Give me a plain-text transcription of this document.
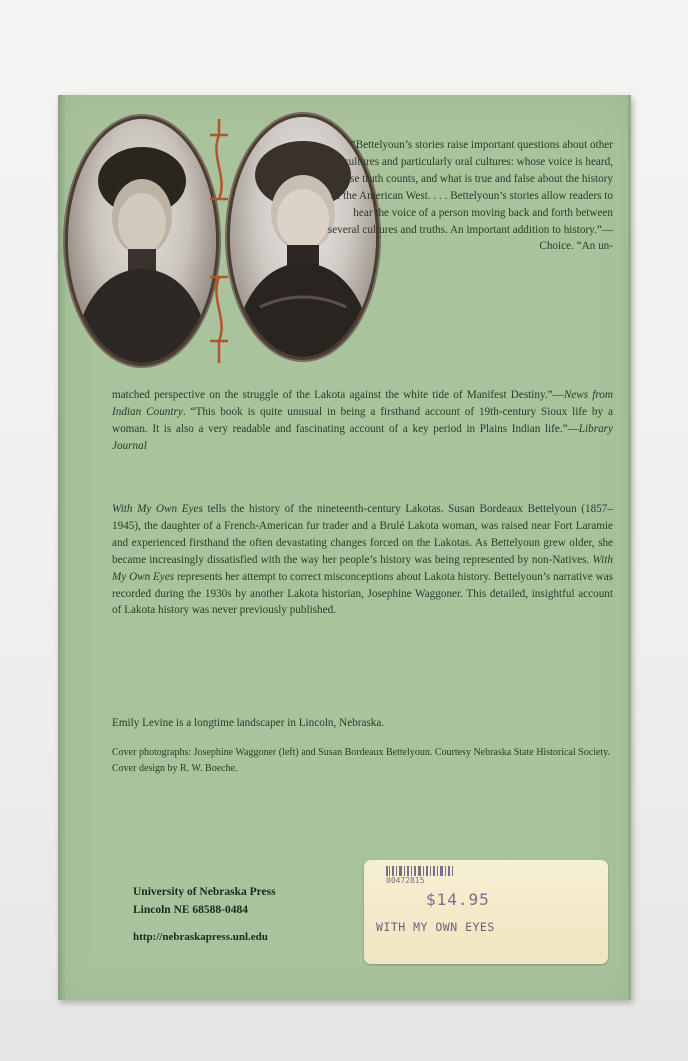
“Bettelyoun’s stories raise important questions about other cultures and particularly oral cultures: whose voice is heard, whose truth counts, and what is true and false about the history of the American West. . . . Bettelyoun’s stories allow readers to hear the voice of a person moving back and forth between several cultures and truths. An important addition to history.”—Choice. “An un-
matched perspective on the struggle of the Lakota against the white tide of Manifest Destiny.”—News from Indian Country. “This book is quite unusual in being a firsthand account of 19th-century Sioux life by a woman. It is also a very readable and fascinating account of a key period in Plains Indian life.”—Library Journal
With My Own Eyes tells the history of the nineteenth-century Lakotas. Susan Bordeaux Bettelyoun (1857–1945), the daughter of a French-American fur trader and a Brulé Lakota woman, was raised near Fort Laramie and experienced firsthand the often devastating changes forced on the Lakotas. As Bettelyoun grew older, she became increasingly dissatisfied with the way her people’s history was being represented by non-Natives. With My Own Eyes represents her attempt to correct misconceptions about Lakota history. Bettelyoun’s narrative was recorded during the 1930s by another Lakota historian, Josephine Waggoner. This detailed, insightful account of Lakota history was never previously published.
Emily Levine is a longtime landscaper in Lincoln, Nebraska.
Cover photographs: Josephine Waggoner (left) and Susan Bordeaux Bettelyoun. Courtesy Nebraska State Historical Society. Cover design by R. W. Boeche.
University of Nebraska Press
Lincoln NE 68588-0484
http://nebraskapress.unl.edu
00472815
$14.95
WITH MY OWN EYES
